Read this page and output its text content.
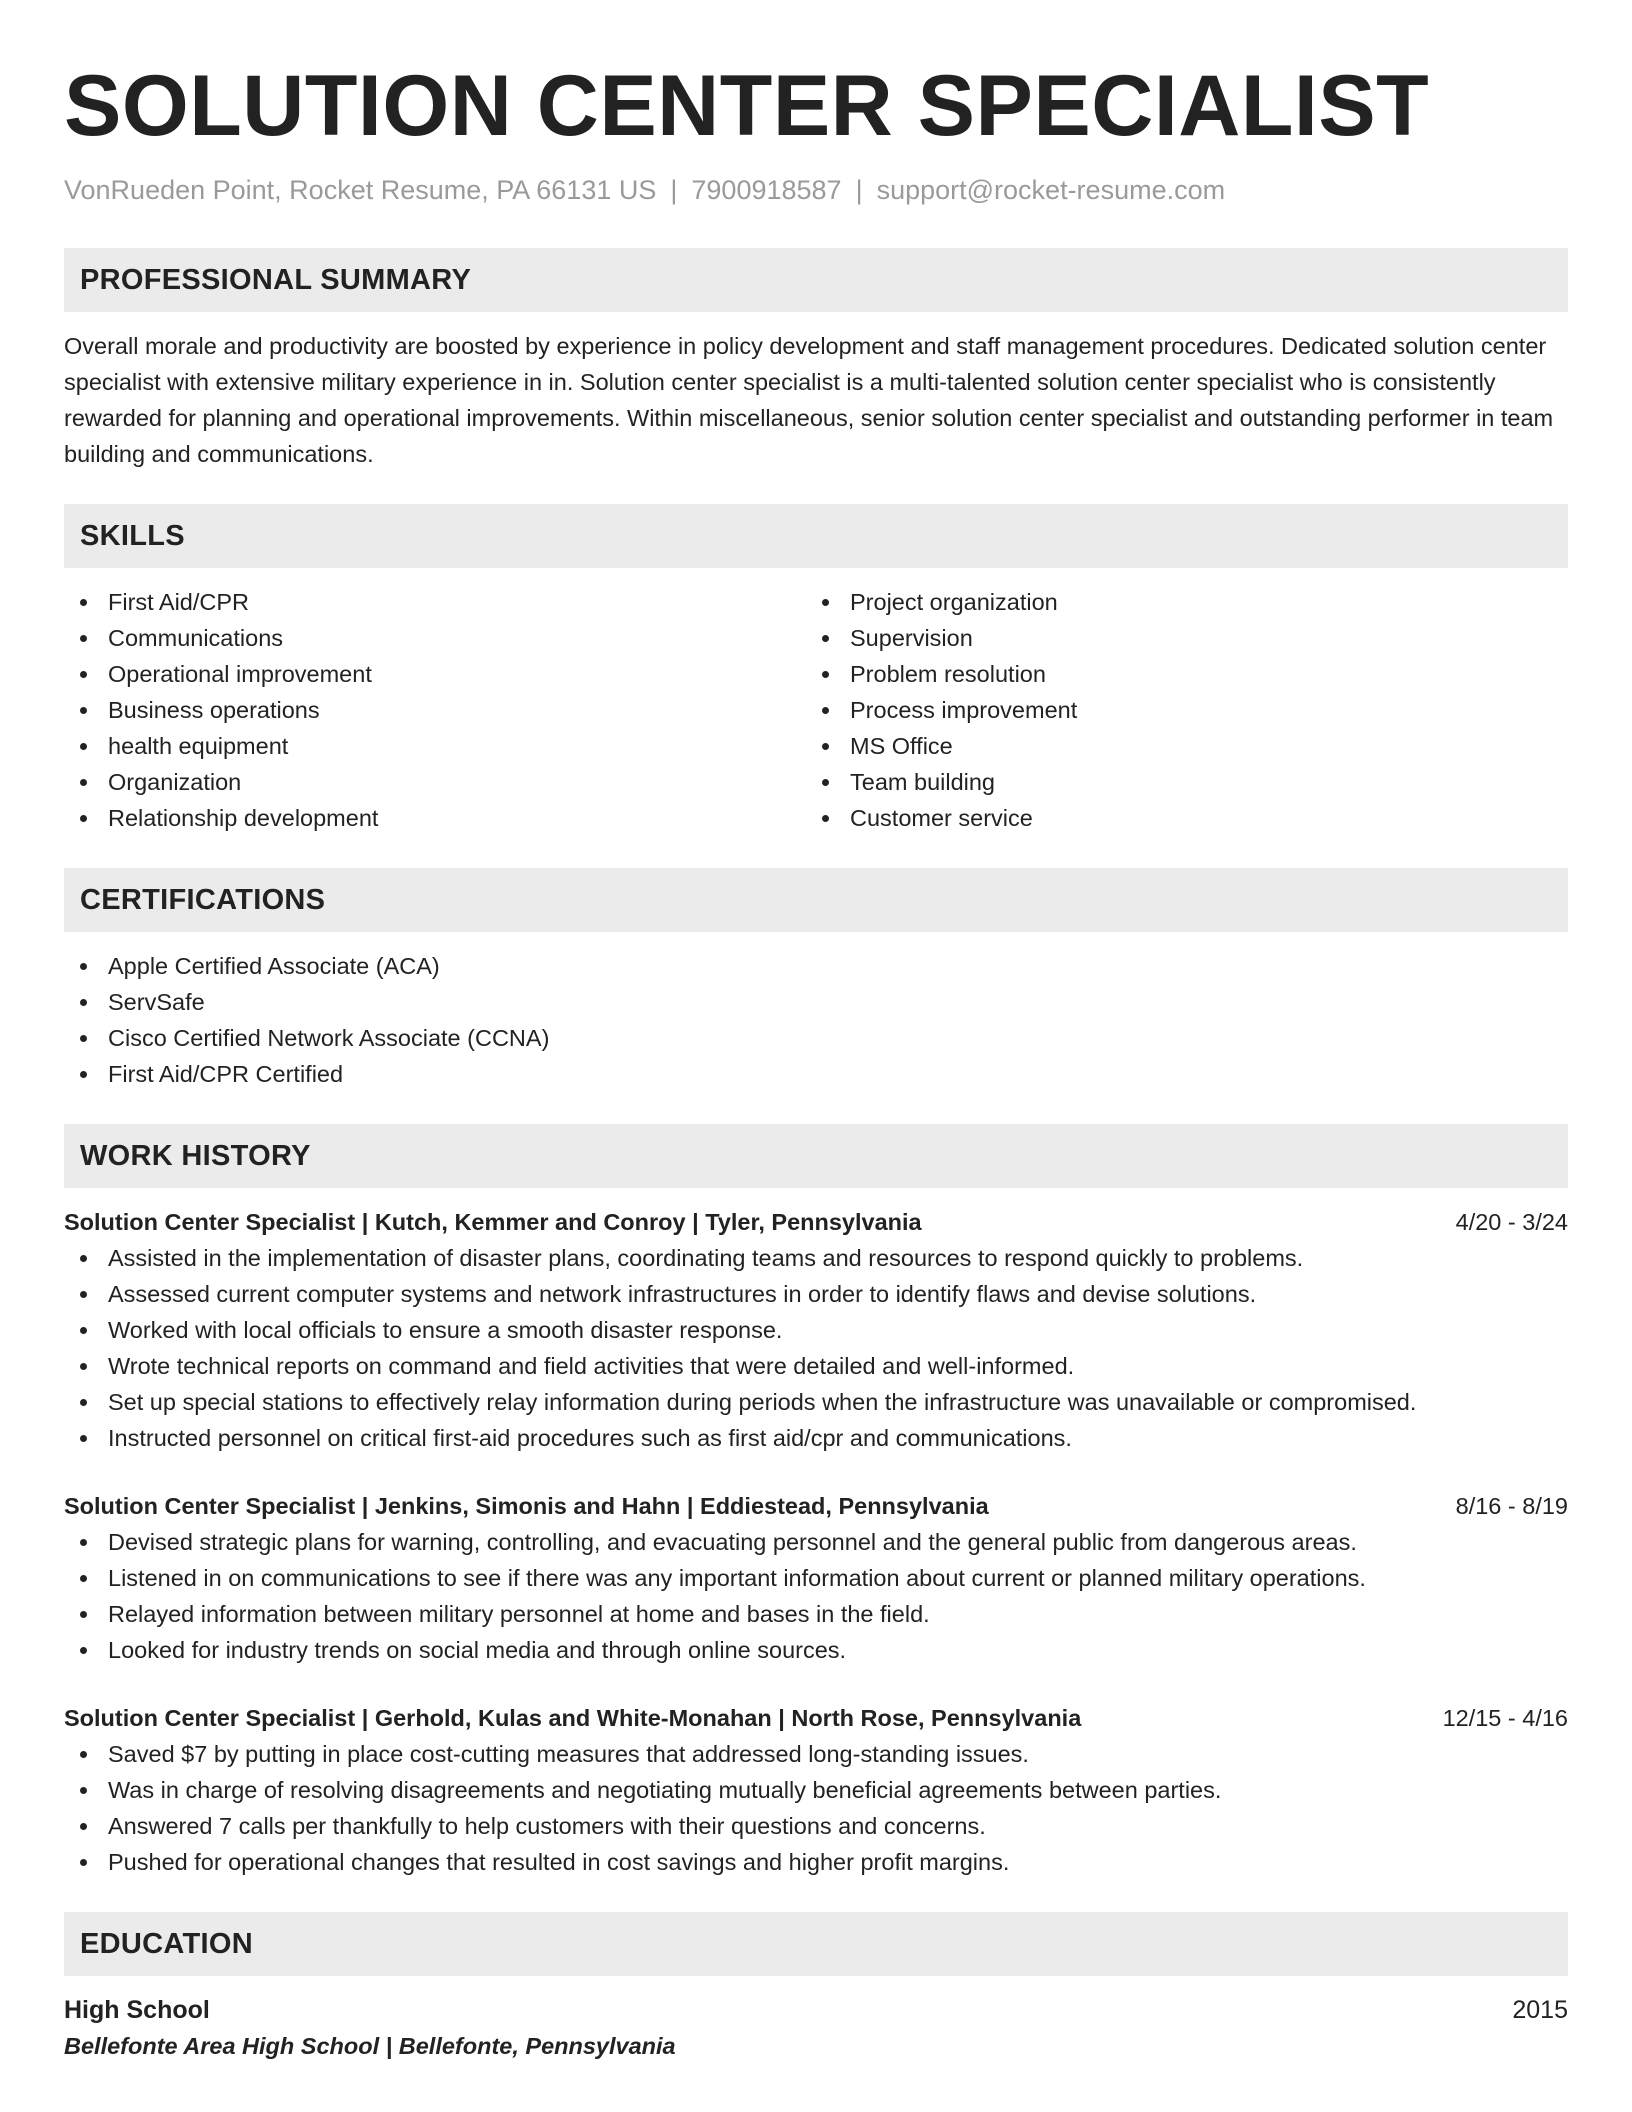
SOLUTION CENTER SPECIALIST
VonRueden Point, Rocket Resume, PA 66131 US | 7900918587 | support@rocket-resume.com
PROFESSIONAL SUMMARY
Overall morale and productivity are boosted by experience in policy development and staff management procedures. Dedicated solution center specialist with extensive military experience in in. Solution center specialist is a multi-talented solution center specialist who is consistently rewarded for planning and operational improvements. Within miscellaneous, senior solution center specialist and outstanding performer in team building and communications.
SKILLS
First Aid/CPR
Communications
Operational improvement
Business operations
health equipment
Organization
Relationship development
Project organization
Supervision
Problem resolution
Process improvement
MS Office
Team building
Customer service
CERTIFICATIONS
Apple Certified Associate (ACA)
ServSafe
Cisco Certified Network Associate (CCNA)
First Aid/CPR Certified
WORK HISTORY
Solution Center Specialist | Kutch, Kemmer and Conroy | Tyler, Pennsylvania	4/20 - 3/24
Assisted in the implementation of disaster plans, coordinating teams and resources to respond quickly to problems.
Assessed current computer systems and network infrastructures in order to identify flaws and devise solutions.
Worked with local officials to ensure a smooth disaster response.
Wrote technical reports on command and field activities that were detailed and well-informed.
Set up special stations to effectively relay information during periods when the infrastructure was unavailable or compromised.
Instructed personnel on critical first-aid procedures such as first aid/cpr and communications.
Solution Center Specialist | Jenkins, Simonis and Hahn | Eddiestead, Pennsylvania	8/16 - 8/19
Devised strategic plans for warning, controlling, and evacuating personnel and the general public from dangerous areas.
Listened in on communications to see if there was any important information about current or planned military operations.
Relayed information between military personnel at home and bases in the field.
Looked for industry trends on social media and through online sources.
Solution Center Specialist | Gerhold, Kulas and White-Monahan | North Rose, Pennsylvania	12/15 - 4/16
Saved $7 by putting in place cost-cutting measures that addressed long-standing issues.
Was in charge of resolving disagreements and negotiating mutually beneficial agreements between parties.
Answered 7 calls per thankfully to help customers with their questions and concerns.
Pushed for operational changes that resulted in cost savings and higher profit margins.
EDUCATION
High School	2015
Bellefonte Area High School | Bellefonte, Pennsylvania
